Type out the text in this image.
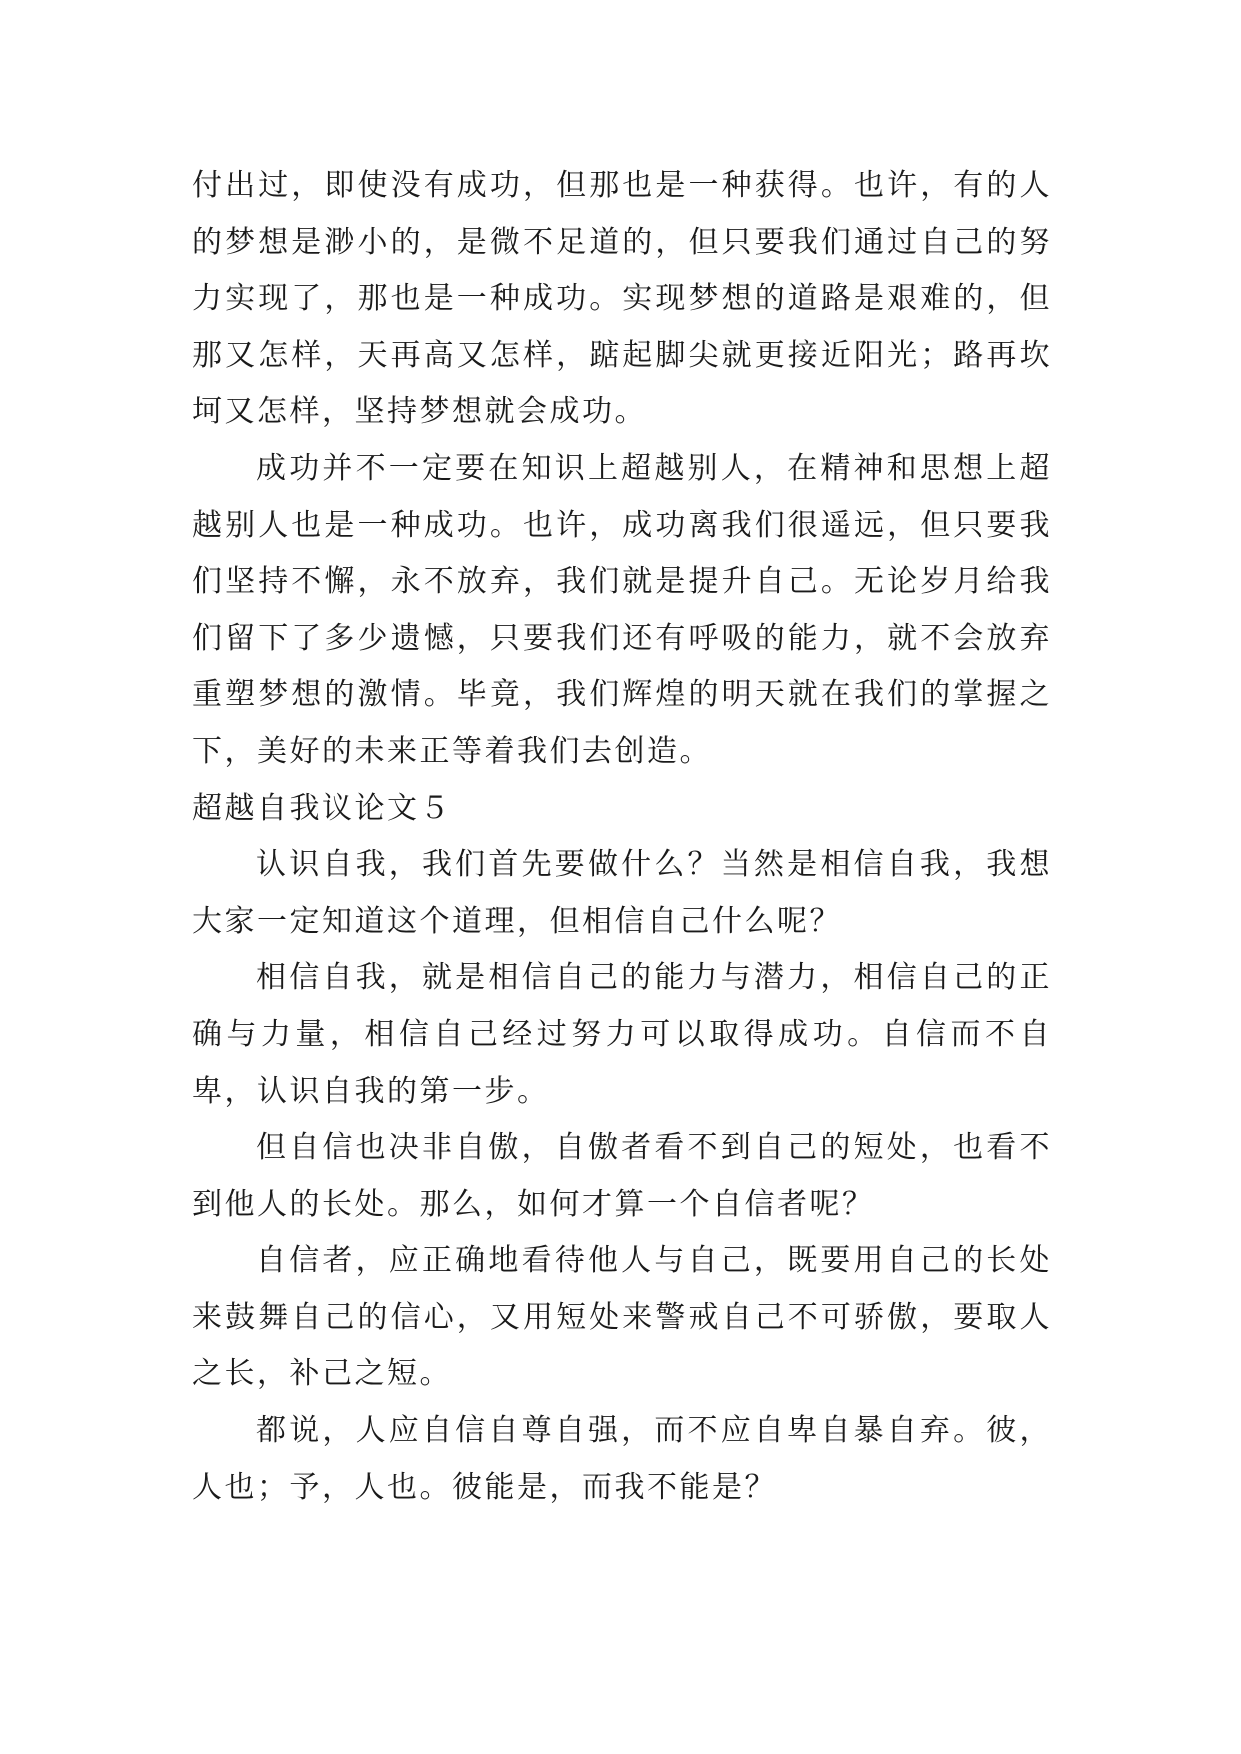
付出过，即使没有成功，但那也是一种获得。也许，有的人的梦想是渺小的，是微不足道的，但只要我们通过自己的努力实现了，那也是一种成功。实现梦想的道路是艰难的，但那又怎样，天再高又怎样，踮起脚尖就更接近阳光；路再坎坷又怎样，坚持梦想就会成功。

成功并不一定要在知识上超越别人，在精神和思想上超越别人也是一种成功。也许，成功离我们很遥远，但只要我们坚持不懈，永不放弃，我们就是提升自己。无论岁月给我们留下了多少遗憾，只要我们还有呼吸的能力，就不会放弃重塑梦想的激情。毕竟，我们辉煌的明天就在我们的掌握之下，美好的未来正等着我们去创造。

超越自我议论文５

认识自我，我们首先要做什么？当然是相信自我，我想大家一定知道这个道理，但相信自己什么呢？

相信自我，就是相信自己的能力与潜力，相信自己的正确与力量，相信自己经过努力可以取得成功。自信而不自卑，认识自我的第一步。

但自信也决非自傲，自傲者看不到自己的短处，也看不到他人的长处。那么，如何才算一个自信者呢？

自信者，应正确地看待他人与自己，既要用自己的长处来鼓舞自己的信心，又用短处来警戒自己不可骄傲，要取人之长，补己之短。

都说，人应自信自尊自强，而不应自卑自暴自弃。彼，人也；予，人也。彼能是，而我不能是？
